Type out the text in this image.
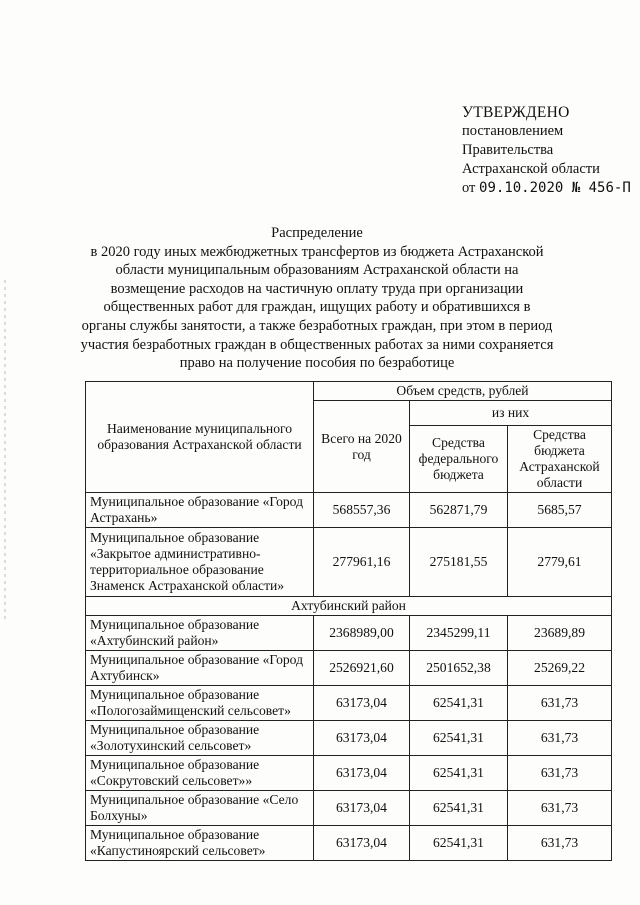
УТВЕРЖДЕНО
постановлением
Правительства
Астраханской области
от 09.10.2020 № 456-П
Распределение
в 2020 году иных межбюджетных трансфертов из бюджета Астраханской области муниципальным образованиям Астраханской области на возмещение расходов на частичную оплату труда при организации общественных работ для граждан, ищущих работу и обратившихся в органы службы занятости, а также безработных граждан, при этом в период участия безработных граждан в общественных работах за ними сохраняется право на получение пособия по безработице
Наименование муниципального образования Астраханской области	Объем средств, рублей		
	Всего на 2020 год	из них	
		Средства федерального бюджета	Средства бюджета Астраханской области
Муниципальное образование «Город Астрахань»	568557,36	562871,79	5685,57
Муниципальное образование «Закрытое административно-территориальное образование Знаменск Астраханской области»	277961,16	275181,55	2779,61
Ахтубинский район			
Муниципальное образование «Ахтубинский район»	2368989,00	2345299,11	23689,89
Муниципальное образование «Город Ахтубинск»	2526921,60	2501652,38	25269,22
Муниципальное образование «Пологозаймищенский сельсовет»	63173,04	62541,31	631,73
Муниципальное образование «Золотухинский сельсовет»	63173,04	62541,31	631,73
Муниципальное образование «Сокрутовский сельсовет»»	63173,04	62541,31	631,73
Муниципальное образование «Село Болхуны»	63173,04	62541,31	631,73
Муниципальное образование «Капустиноярский сельсовет»	63173,04	62541,31	631,73
